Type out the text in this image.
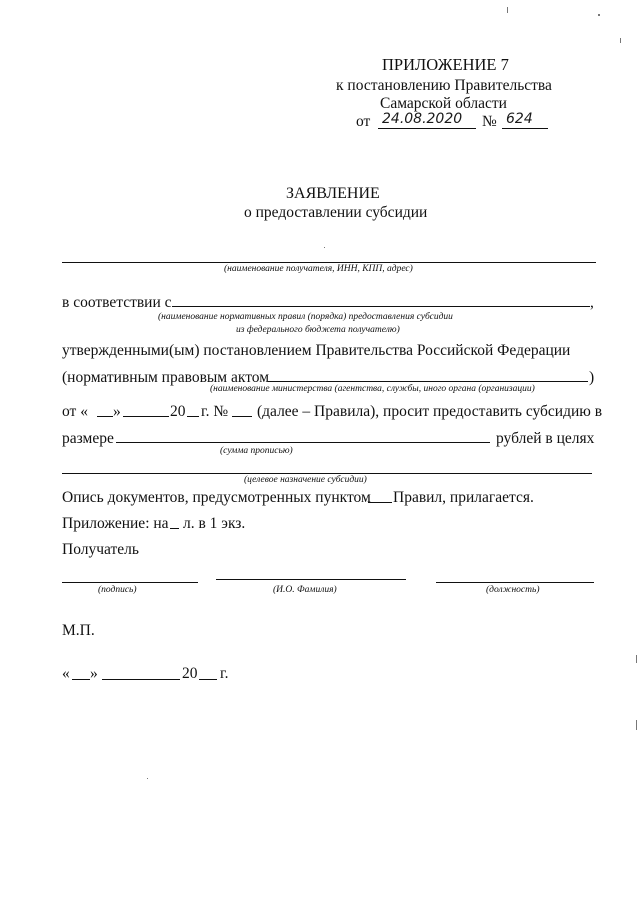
ПРИЛОЖЕНИЕ 7
к постановлению Правительства
Самарской области
от 24.08.2020 № 624
ЗАЯВЛЕНИЕ
о предоставлении субсидии
(наименование получателя, ИНН, КПП, адрес)
в соответствии с	,
(наименование нормативных правил (порядка) предоставления субсидии
из федерального бюджета получателю)
утвержденными(ым) постановлением Правительства Российской Федерации
(нормативным правовым актом	)
(наименование министерства (агентства, службы, иного органа (организации)
от « »	20 г. № (далее – Правила), просит предоставить субсидию в
размере	рублей в целях
(сумма прописью)
(целевое назначение субсидии)
Опись документов, предусмотренных пунктом Правил, прилагается.
Приложение: на л. в 1 экз.
Получатель
(подпись)	(И.О. Фамилия)	(должность)
М.П.
« »	20 г.
